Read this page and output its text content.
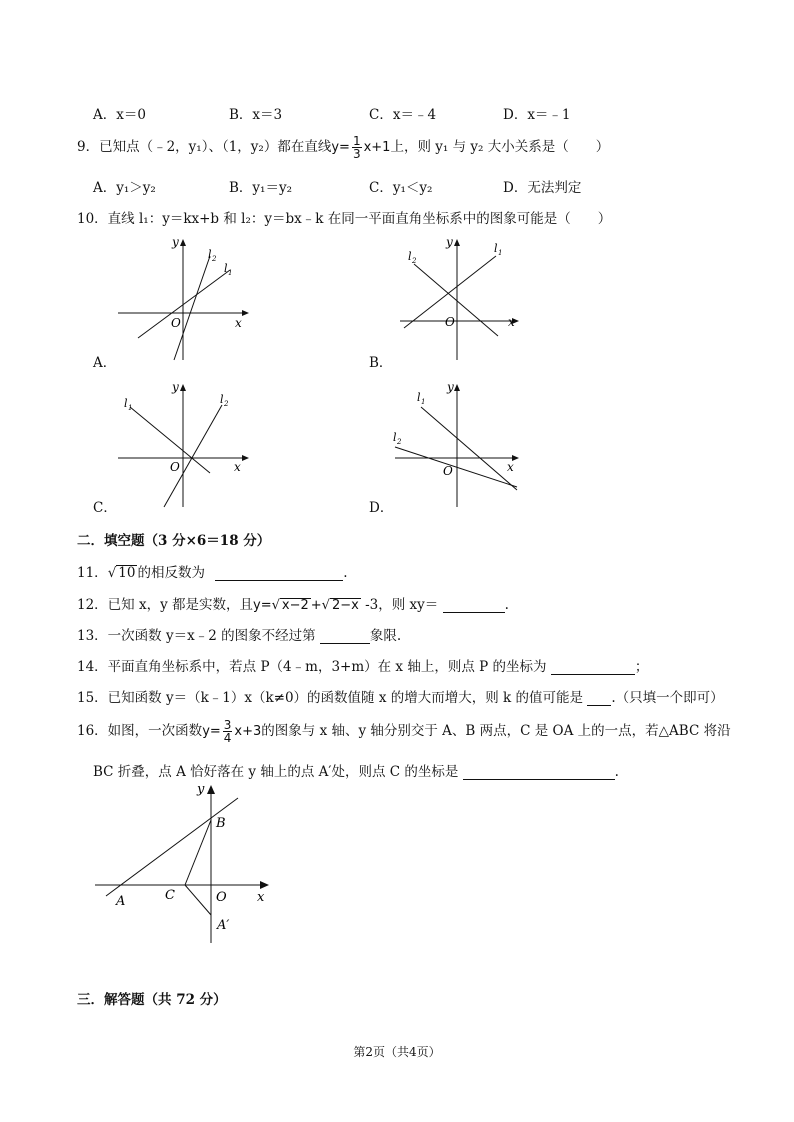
A．x＝0	B．x＝3	C．x＝﹣4	D．x＝﹣1
9．已知点（﹣2，y₁）、（1，y₂）都在直线$y= \frac{1}{3} x+1$上，则 y₁ 与 y₂ 大小关系是（　　）
A．y₁＞y₂	B．y₁＝y₂	C．y₁＜y₂	D．无法判定
10．直线 l₁：y＝kx+b 和 l₂：y＝bx﹣k 在同一平面直角坐标系中的图象可能是（　　）
y
x
O
l 2
l 1
A．
y
x
O
l 2
l 1
B．
y
x
O
l 1
l 2
C．
y
x
O
l 1
l 2
D．
二．填空题（3 分×6＝18 分）
11．√ 10 的相反数为	.
12．已知 x，y 都是实数，且y=√ x−2 +√ 2−x -3，则 xy＝	.
13．一次函数 y＝x﹣2 的图象不经过第	象限.
14．平面直角坐标系中，若点 P（4﹣m，3+m）在 x 轴上，则点 P 的坐标为	；
15．已知函数 y＝（k﹣1）x（k≠0）的函数值随 x 的增大而增大，则 k 的值可能是 .（只填一个即可）
16．如图，一次函数$y= \frac{3}{4} x+3$的图象与 x 轴、y 轴分别交于 A、B 两点，C 是 OA 上的一点，若△ABC 将沿
BC 折叠，点 A 恰好落在 y 轴上的点 A′处，则点 C 的坐标是	.
y
x
B
A	C	O
A′
三．解答题（共 72 分）
第2页（共4页）
